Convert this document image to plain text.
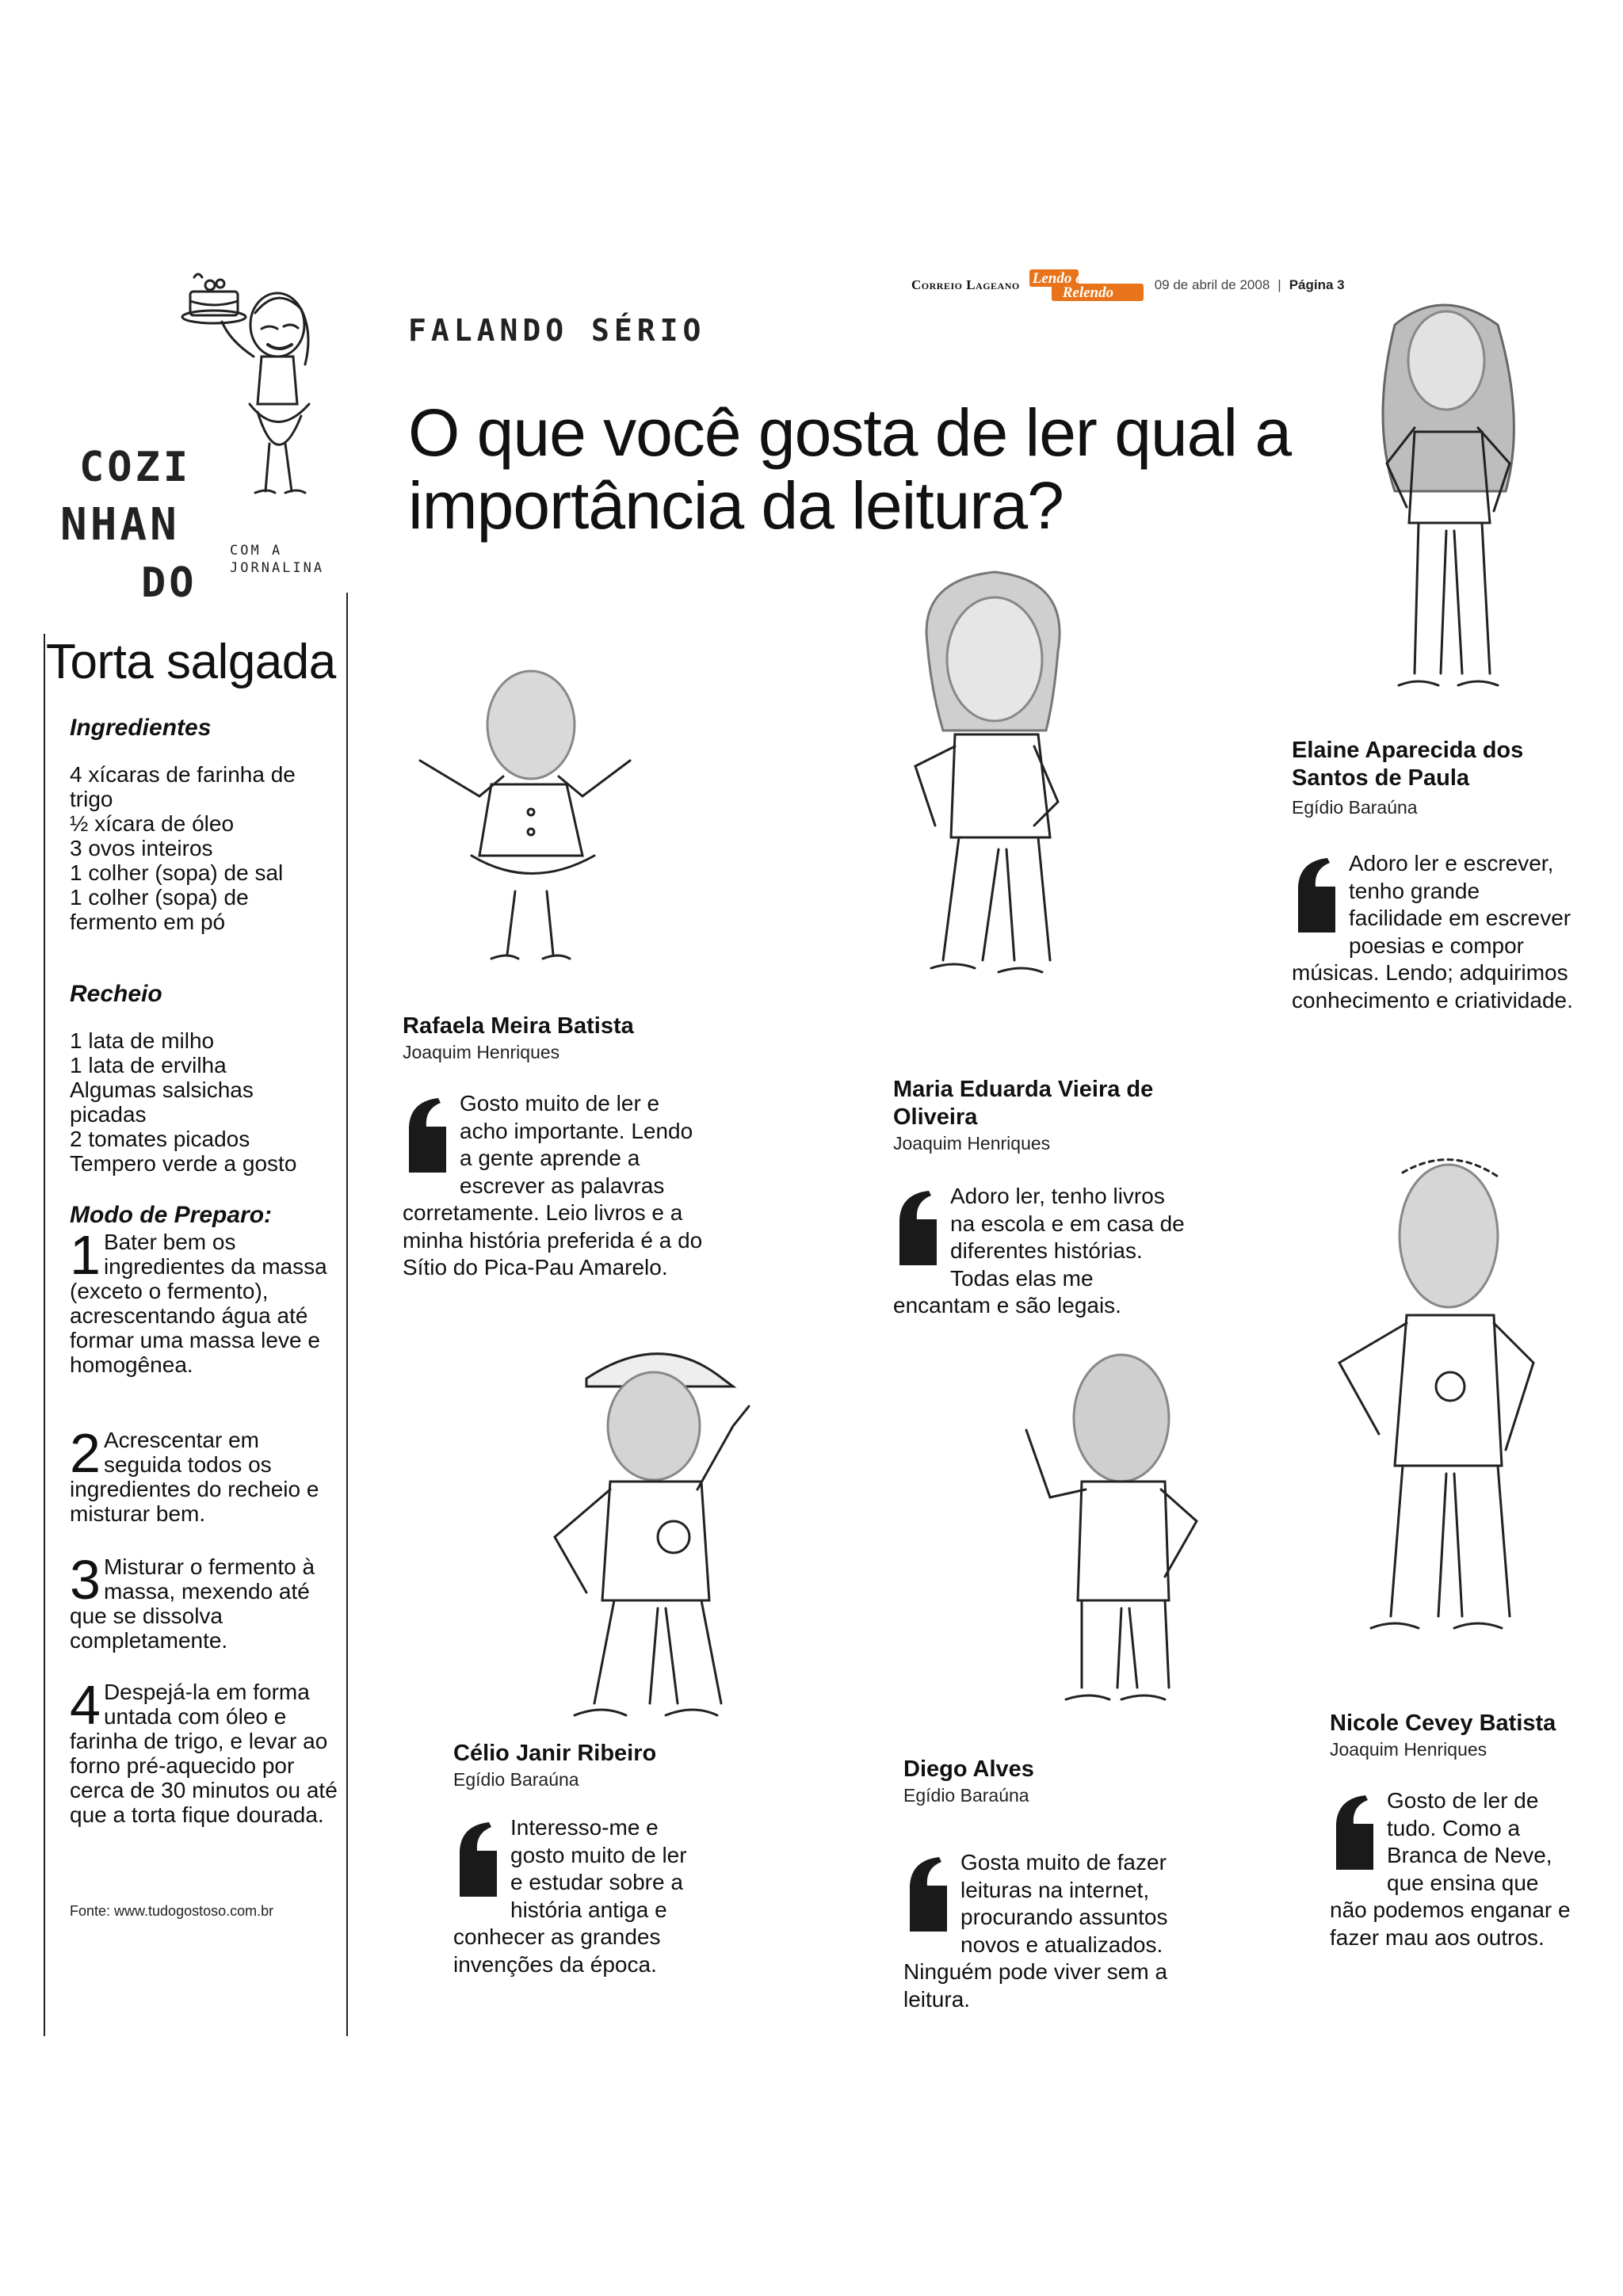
Correio Lageano Lendo e
Relendo	09 de abril de 2008 | Página 3
COZI
NHAN
DO
COM A
JORNALINA
Torta salgada
Ingredientes
4 xícaras de farinha de
trigo
½ xícara de óleo
3 ovos inteiros
1 colher (sopa) de sal
1 colher (sopa) de
fermento em pó
Recheio
1 lata de milho
1 lata de ervilha
Algumas salsichas
picadas
2 tomates picados
Tempero verde a gosto
Modo de Preparo:
1 Bater bem os ingredientes da massa (exceto o fermento), acrescentando água até formar uma massa leve e homogênea.
2 Acrescentar em seguida todos os ingredientes do recheio e misturar bem.
3 Misturar o fermento à massa, mexendo até que se dissolva completamente.
4 Despejá-la em forma untada com óleo e farinha de trigo, e levar ao forno pré-aquecido por cerca de 30 minutos ou até que a torta fique dourada.
Fonte: www.tudogostoso.com.br
FALANDO SÉRIO
O que você gosta de ler qual a importância da leitura?
Rafaela Meira Batista
Joaquim Henriques
Gosto muito de ler e acho importante. Lendo a gente aprende a escrever as palavras corretamente. Leio livros e a minha história preferida é a do Sítio do Pica-Pau Amarelo.
Maria Eduarda Vieira de Oliveira
Joaquim Henriques
Adoro ler, tenho livros na escola e em casa de diferentes histórias. Todas elas me encantam e são legais.
Elaine Aparecida dos Santos de Paula
Egídio Baraúna
Adoro ler e escrever, tenho grande facilidade em escrever poesias e compor músicas. Lendo; adquirimos conhecimento e criatividade.
Célio Janir Ribeiro
Egídio Baraúna
Interesso-me e gosto muito de ler e estudar sobre a história antiga e conhecer as grandes invenções da época.
Diego Alves
Egídio Baraúna
Gosta muito de fazer leituras na internet, procurando assuntos novos e atualizados. Ninguém pode viver sem a leitura.
Nicole Cevey Batista
Joaquim Henriques
Gosto de ler de tudo. Como a Branca de Neve, que ensina que não podemos enganar e fazer mau aos outros.
